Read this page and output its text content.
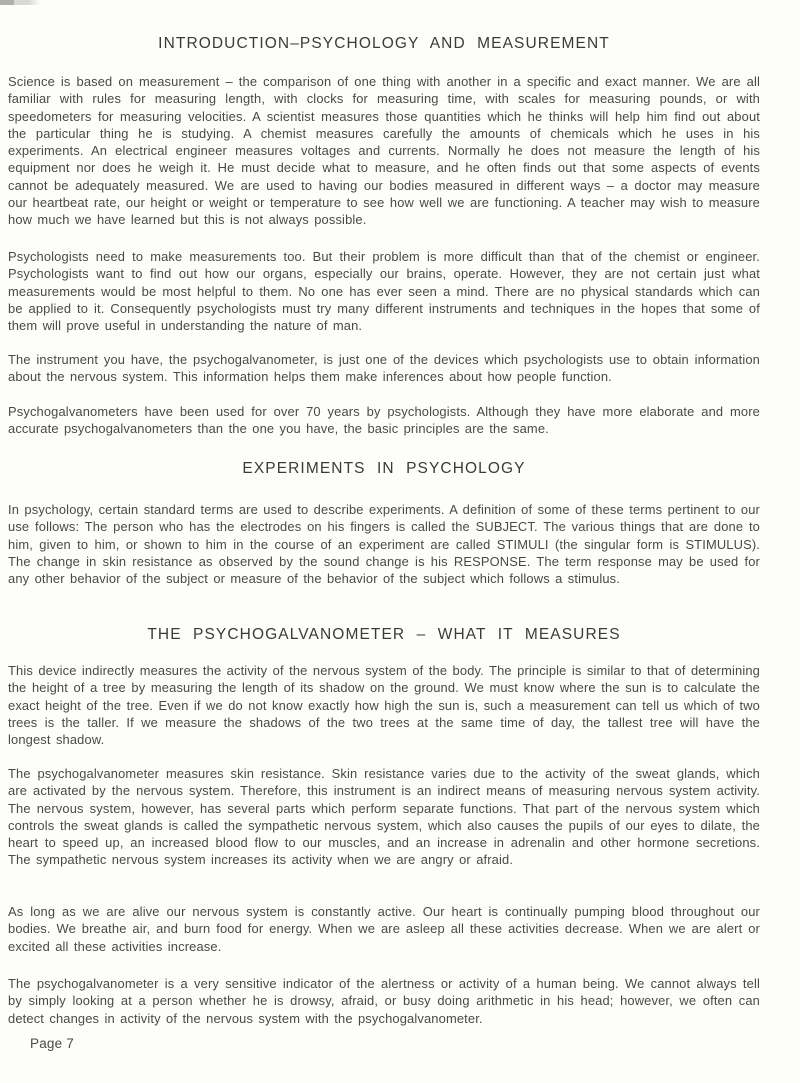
INTRODUCTION–PSYCHOLOGY AND MEASUREMENT
Science is based on measurement – the comparison of one thing with another in a specific and exact manner. We are all familiar with rules for measuring length, with clocks for measuring time, with scales for measuring pounds, or with speedometers for measuring velocities. A scientist measures those quantities which he thinks will help him find out about the particular thing he is studying. A chemist measures carefully the amounts of chemicals which he uses in his experiments. An electrical engineer measures voltages and currents. Normally he does not measure the length of his equipment nor does he weigh it. He must decide what to measure, and he often finds out that some aspects of events cannot be adequately measured. We are used to having our bodies measured in different ways – a doctor may measure our heartbeat rate, our height or weight or temperature to see how well we are functioning. A teacher may wish to measure how much we have learned but this is not always possible.
Psychologists need to make measurements too. But their problem is more difficult than that of the chemist or engineer. Psychologists want to find out how our organs, especially our brains, operate. However, they are not certain just what measurements would be most helpful to them. No one has ever seen a mind. There are no physical standards which can be applied to it. Consequently psychologists must try many different instruments and techniques in the hopes that some of them will prove useful in understanding the nature of man.
The instrument you have, the psychogalvanometer, is just one of the devices which psychologists use to obtain information about the nervous system. This information helps them make inferences about how people function.
Psychogalvanometers have been used for over 70 years by psychologists. Although they have more elaborate and more accurate psychogalvanometers than the one you have, the basic principles are the same.
EXPERIMENTS IN PSYCHOLOGY
In psychology, certain standard terms are used to describe experiments. A definition of some of these terms pertinent to our use follows: The person who has the electrodes on his fingers is called the SUBJECT. The various things that are done to him, given to him, or shown to him in the course of an experiment are called STIMULI (the singular form is STIMULUS). The change in skin resistance as observed by the sound change is his RESPONSE. The term response may be used for any other behavior of the subject or measure of the behavior of the subject which follows a stimulus.
THE PSYCHOGALVANOMETER – WHAT IT MEASURES
This device indirectly measures the activity of the nervous system of the body. The principle is similar to that of determining the height of a tree by measuring the length of its shadow on the ground. We must know where the sun is to calculate the exact height of the tree. Even if we do not know exactly how high the sun is, such a measurement can tell us which of two trees is the taller. If we measure the shadows of the two trees at the same time of day, the tallest tree will have the longest shadow.
The psychogalvanometer measures skin resistance. Skin resistance varies due to the activity of the sweat glands, which are activated by the nervous system. Therefore, this instrument is an indirect means of measuring nervous system activity. The nervous system, however, has several parts which perform separate functions. That part of the nervous system which controls the sweat glands is called the sympathetic nervous system, which also causes the pupils of our eyes to dilate, the heart to speed up, an increased blood flow to our muscles, and an increase in adrenalin and other hormone secretions. The sympathetic nervous system increases its activity when we are angry or afraid.
As long as we are alive our nervous system is constantly active. Our heart is continually pumping blood throughout our bodies. We breathe air, and burn food for energy. When we are asleep all these activities decrease. When we are alert or excited all these activities increase.
The psychogalvanometer is a very sensitive indicator of the alertness or activity of a human being. We cannot always tell by simply looking at a person whether he is drowsy, afraid, or busy doing arithmetic in his head; however, we often can detect changes in activity of the nervous system with the psychogalvanometer.
Page 7
